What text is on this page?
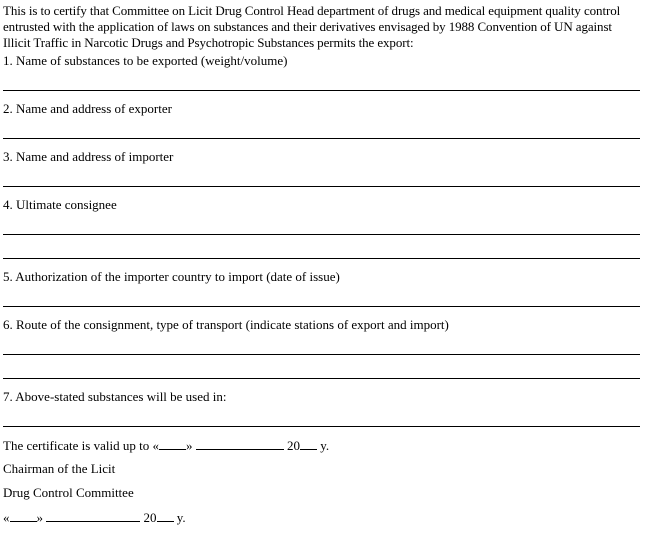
This is to certify that Committee on Licit Drug Control Head department of drugs and medical equipment quality control
entrusted with the application of laws on substances and their derivatives envisaged by 1988 Convention of UN against
Illicit Traffic in Narcotic Drugs and Psychotropic Substances permits the export:
1. Name of substances to be exported (weight/volume)
2. Name and address of exporter
3. Name and address of importer
4. Ultimate consignee
5. Authorization of the importer country to import (date of issue)
6. Route of the consignment, type of transport (indicate stations of export and import)
7. Above-stated substances will be used in:
The certificate is valid up to « »	20 y.
Chairman of the Licit
Drug Control Committee
« »	20 y.
